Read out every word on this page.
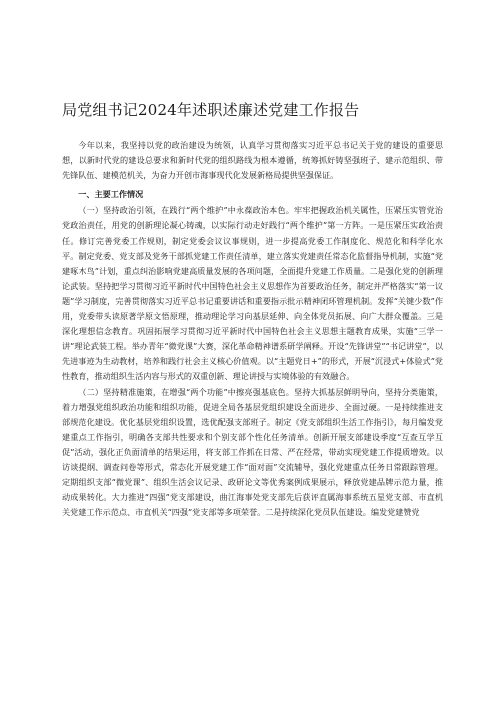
局党组书记2024年述职述廉述党建工作报告

今年以来，我坚持以党的政治建设为统领，认真学习贯彻落实习近平总书记关于党的建设的重要思想，以新时代党的建设总要求和新时代党的组织路线为根本遵循，统筹抓好铸坚强班子、建示范组织、带先锋队伍、建模范机关，为奋力开创市海事现代化发展新格局提供坚强保证。

一、主要工作情况

（一）坚持政治引领，在践行“两个维护”中永葆政治本色。牢牢把握政治机关属性，压紧压实管党治党政治责任，用党的创新理论凝心铸魂，以实际行动走好践行“两个维护”第一方阵。一是压紧压实政治责任。修订完善党委工作规则，制定党委会议议事规则，进一步提高党委工作制度化、规范化和科学化水平。制定党委、党支部及党务干部抓党建工作责任清单，建立落实党建责任常态化监督指导机制，实施“党建啄木鸟”计划，重点纠治影响党建高质量发展的各项问题，全面提升党建工作质量。二是强化党的创新理论武装。坚持把学习贯彻习近平新时代中国特色社会主义思想作为首要政治任务，制定并严格落实“第一议题”学习制度，完善贯彻落实习近平总书记重要讲话和重要指示批示精神闭环管理机制。发挥“关键少数”作用，党委带头读原著学原文悟原理，推动理论学习向基层延伸、向全体党员拓展、向广大群众覆盖。三是深化理想信念教育。巩固拓展学习贯彻习近平新时代中国特色社会主义思想主题教育成果，实施“三学一讲”理论武装工程。举办青年“微党课”大赛，深化革命精神谱系研学阐释。开设“先锋讲堂”“书记讲堂”，以先进事迹为生动教材，培养和践行社会主义核心价值观。以“主题党日+”的形式，开展“沉浸式+体验式”党性教育，推动组织生活内容与形式的双重创新、理论讲授与实境体验的有效融合。

（二）坚持精准施策，在增强“两个功能”中擦亮强基底色。坚持大抓基层鲜明导向，坚持分类施策，着力增强党组织政治功能和组织功能，促进全局各基层党组织建设全面进步、全面过硬。一是持续推进支部规范化建设。优化基层党组织设置，选优配强支部班子。制定《党支部组织生活工作指引》，每月编发党建重点工作指引，明确各支部共性要求和个别支部个性化任务清单。创新开展支部建设季度“互查互学互促”活动，强化正负面清单的结果运用，将支部工作抓在日常、严在经常，带动实现党建工作提质增效。以访谈提纲、调查问卷等形式，常态化开展党建工作“面对面”交流辅导，强化党建重点任务日常跟踪管理。定期组织支部“微党课”、组织生活会议记录、政研论文等优秀案例成果展示，释放党建品牌示范力量，推动成果转化。大力推进“四强”党支部建设，曲江海事处党支部先后获评直属海事系统五星党支部、市直机关党建工作示范点、市直机关“四强”党支部等多项荣誉。二是持续深化党员队伍建设。编发党建赞党
